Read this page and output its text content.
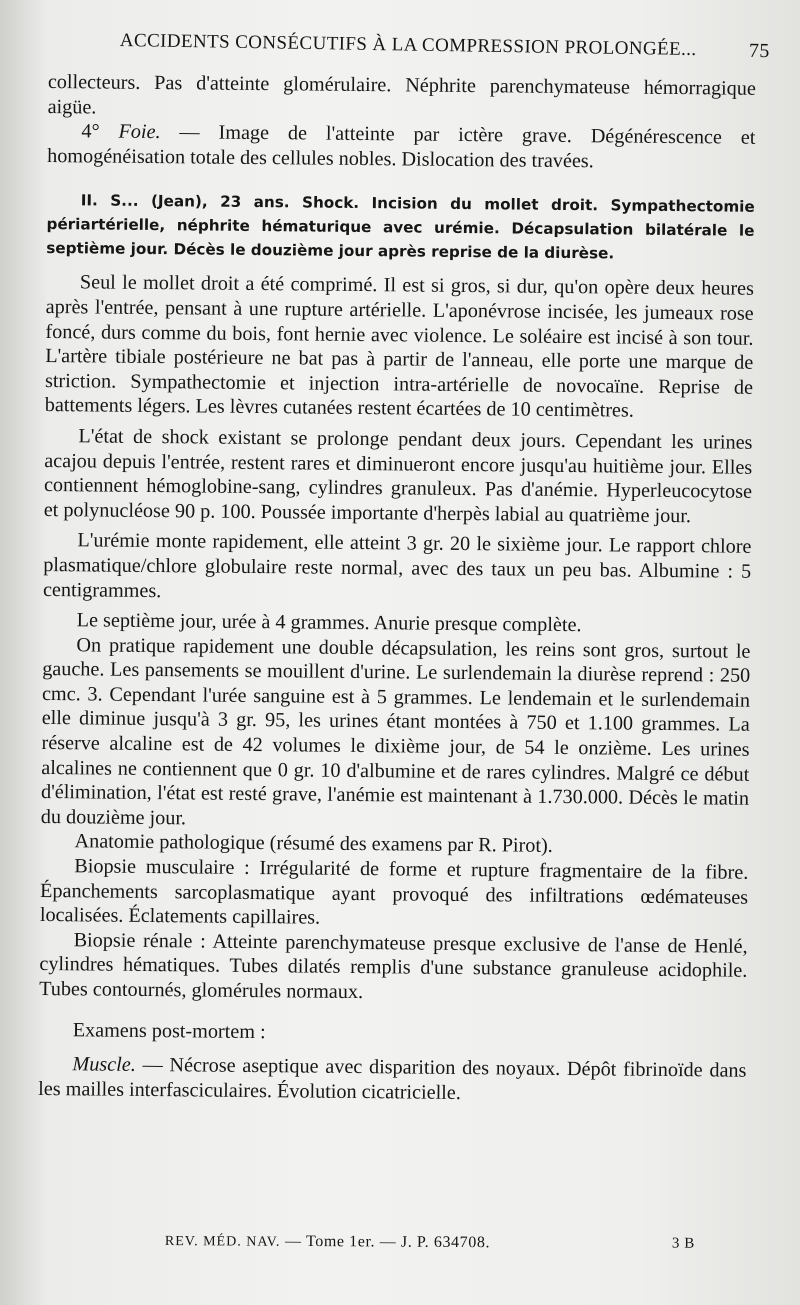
ACCIDENTS CONSÉCUTIFS À LA COMPRESSION PROLONGÉE...	75

collecteurs. Pas d'atteinte glomérulaire. Néphrite parenchymateuse hémorragique aigüe.

4° Foie. — Image de l'atteinte par ictère grave. Dégénérescence et homogénéisation totale des cellules nobles. Dislocation des travées.

II. S... (Jean), 23 ans. Shock. Incision du mollet droit. Sympathectomie périartérielle, néphrite hématurique avec urémie. Décapsulation bilatérale le septième jour. Décès le douzième jour après reprise de la diurèse.

Seul le mollet droit a été comprimé. Il est si gros, si dur, qu'on opère deux heures après l'entrée, pensant à une rupture artérielle. L'aponévrose incisée, les jumeaux rose foncé, durs comme du bois, font hernie avec violence. Le soléaire est incisé à son tour. L'artère tibiale postérieure ne bat pas à partir de l'anneau, elle porte une marque de striction. Sympathectomie et injection intra-artérielle de novocaïne. Reprise de battements légers. Les lèvres cutanées restent écartées de 10 centimètres.

L'état de shock existant se prolonge pendant deux jours. Cependant les urines acajou depuis l'entrée, restent rares et diminueront encore jusqu'au huitième jour. Elles contiennent hémoglobine-sang, cylindres granuleux. Pas d'anémie. Hyperleucocytose et polynucléose 90 p. 100. Poussée importante d'herpès labial au quatrième jour.

L'urémie monte rapidement, elle atteint 3 gr. 20 le sixième jour. Le rapport chlore plasmatique/chlore globulaire reste normal, avec des taux un peu bas. Albumine : 5 centigrammes.

Le septième jour, urée à 4 grammes. Anurie presque complète.

On pratique rapidement une double décapsulation, les reins sont gros, surtout le gauche. Les pansements se mouillent d'urine. Le surlendemain la diurèse reprend : 250 cmc. 3. Cependant l'urée sanguine est à 5 grammes. Le lendemain et le surlendemain elle diminue jusqu'à 3 gr. 95, les urines étant montées à 750 et 1.100 grammes. La réserve alcaline est de 42 volumes le dixième jour, de 54 le onzième. Les urines alcalines ne contiennent que 0 gr. 10 d'albumine et de rares cylindres. Malgré ce début d'élimination, l'état est resté grave, l'anémie est maintenant à 1.730.000. Décès le matin du douzième jour.

Anatomie pathologique (résumé des examens par R. Pirot).

Biopsie musculaire : Irrégularité de forme et rupture fragmentaire de la fibre. Épanchements sarcoplasmatique ayant provoqué des infiltrations œdémateuses localisées. Éclatements capillaires.

Biopsie rénale : Atteinte parenchymateuse presque exclusive de l'anse de Henlé, cylindres hématiques. Tubes dilatés remplis d'une substance granuleuse acidophile. Tubes contournés, glomérules normaux.

Examens post-mortem :

Muscle. — Nécrose aseptique avec disparition des noyaux. Dépôt fibrinoïde dans les mailles interfasciculaires. Évolution cicatricielle.

REV. MÉD. NAV. — Tome 1er. — J. P. 634708.	3 B
